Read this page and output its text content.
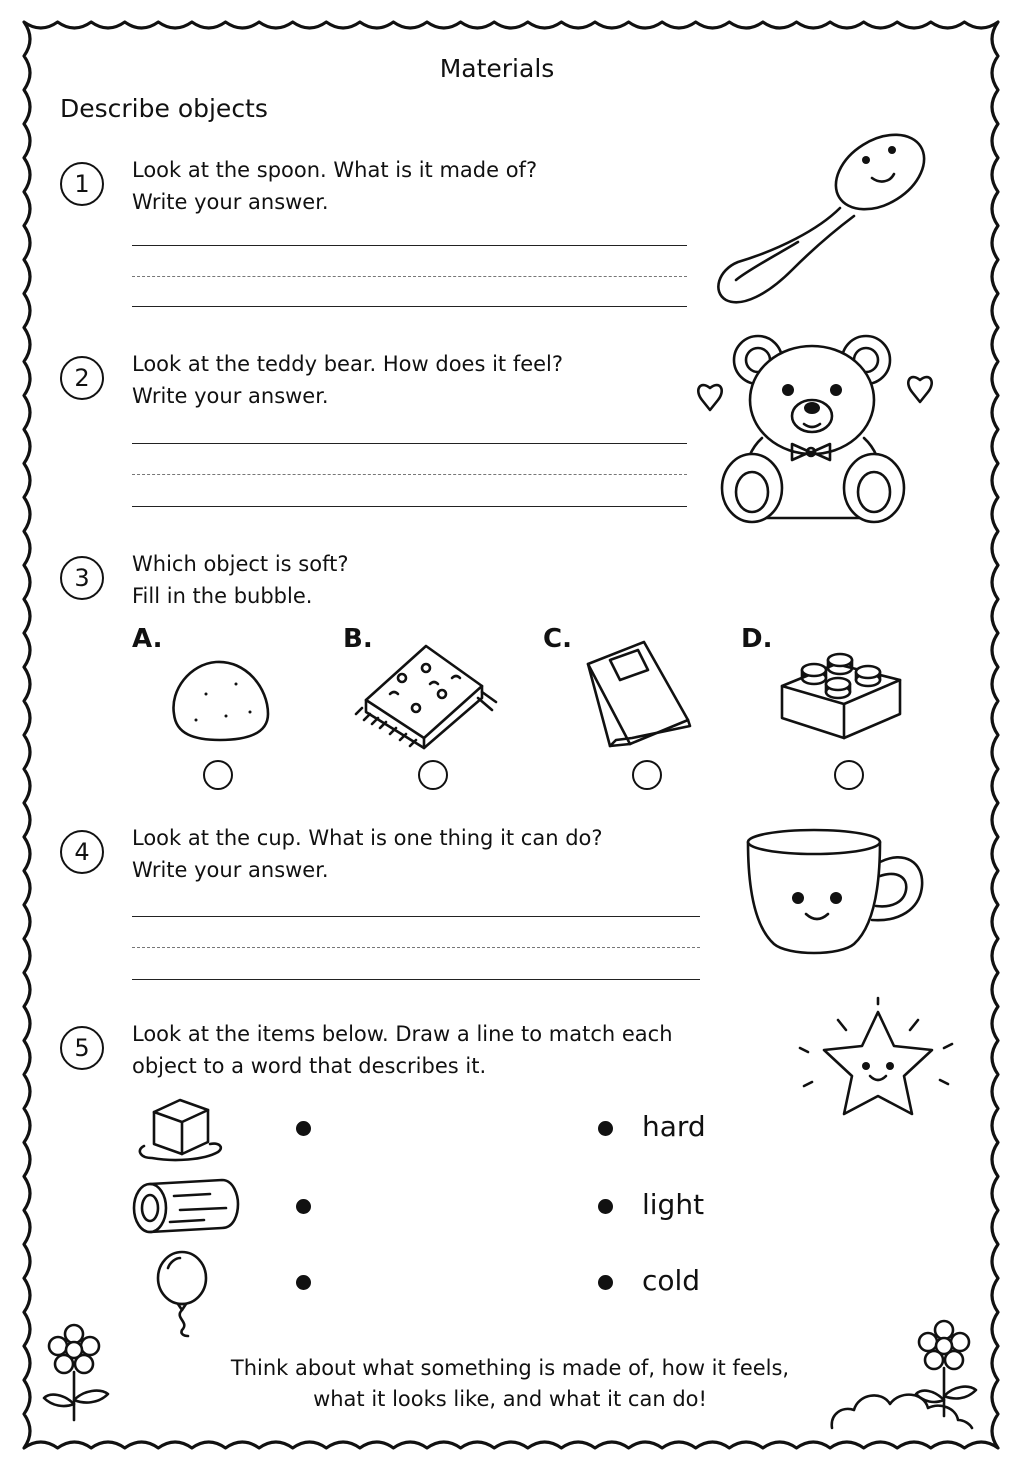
Materials
Describe objects
1	Look at the spoon. What is it made of?
Write your answer.
2	Look at the teddy bear. How does it feel?
Write your answer.
3	Which object is soft?
Fill in the bubble.
A.	B.	C.	D.
4	Look at the cup. What is one thing it can do?
Write your answer.
5	Look at the items below. Draw a line to match each
object to a word that describes it.
hard
light
cold
Think about what something is made of, how it feels,
what it looks like, and what it can do!
